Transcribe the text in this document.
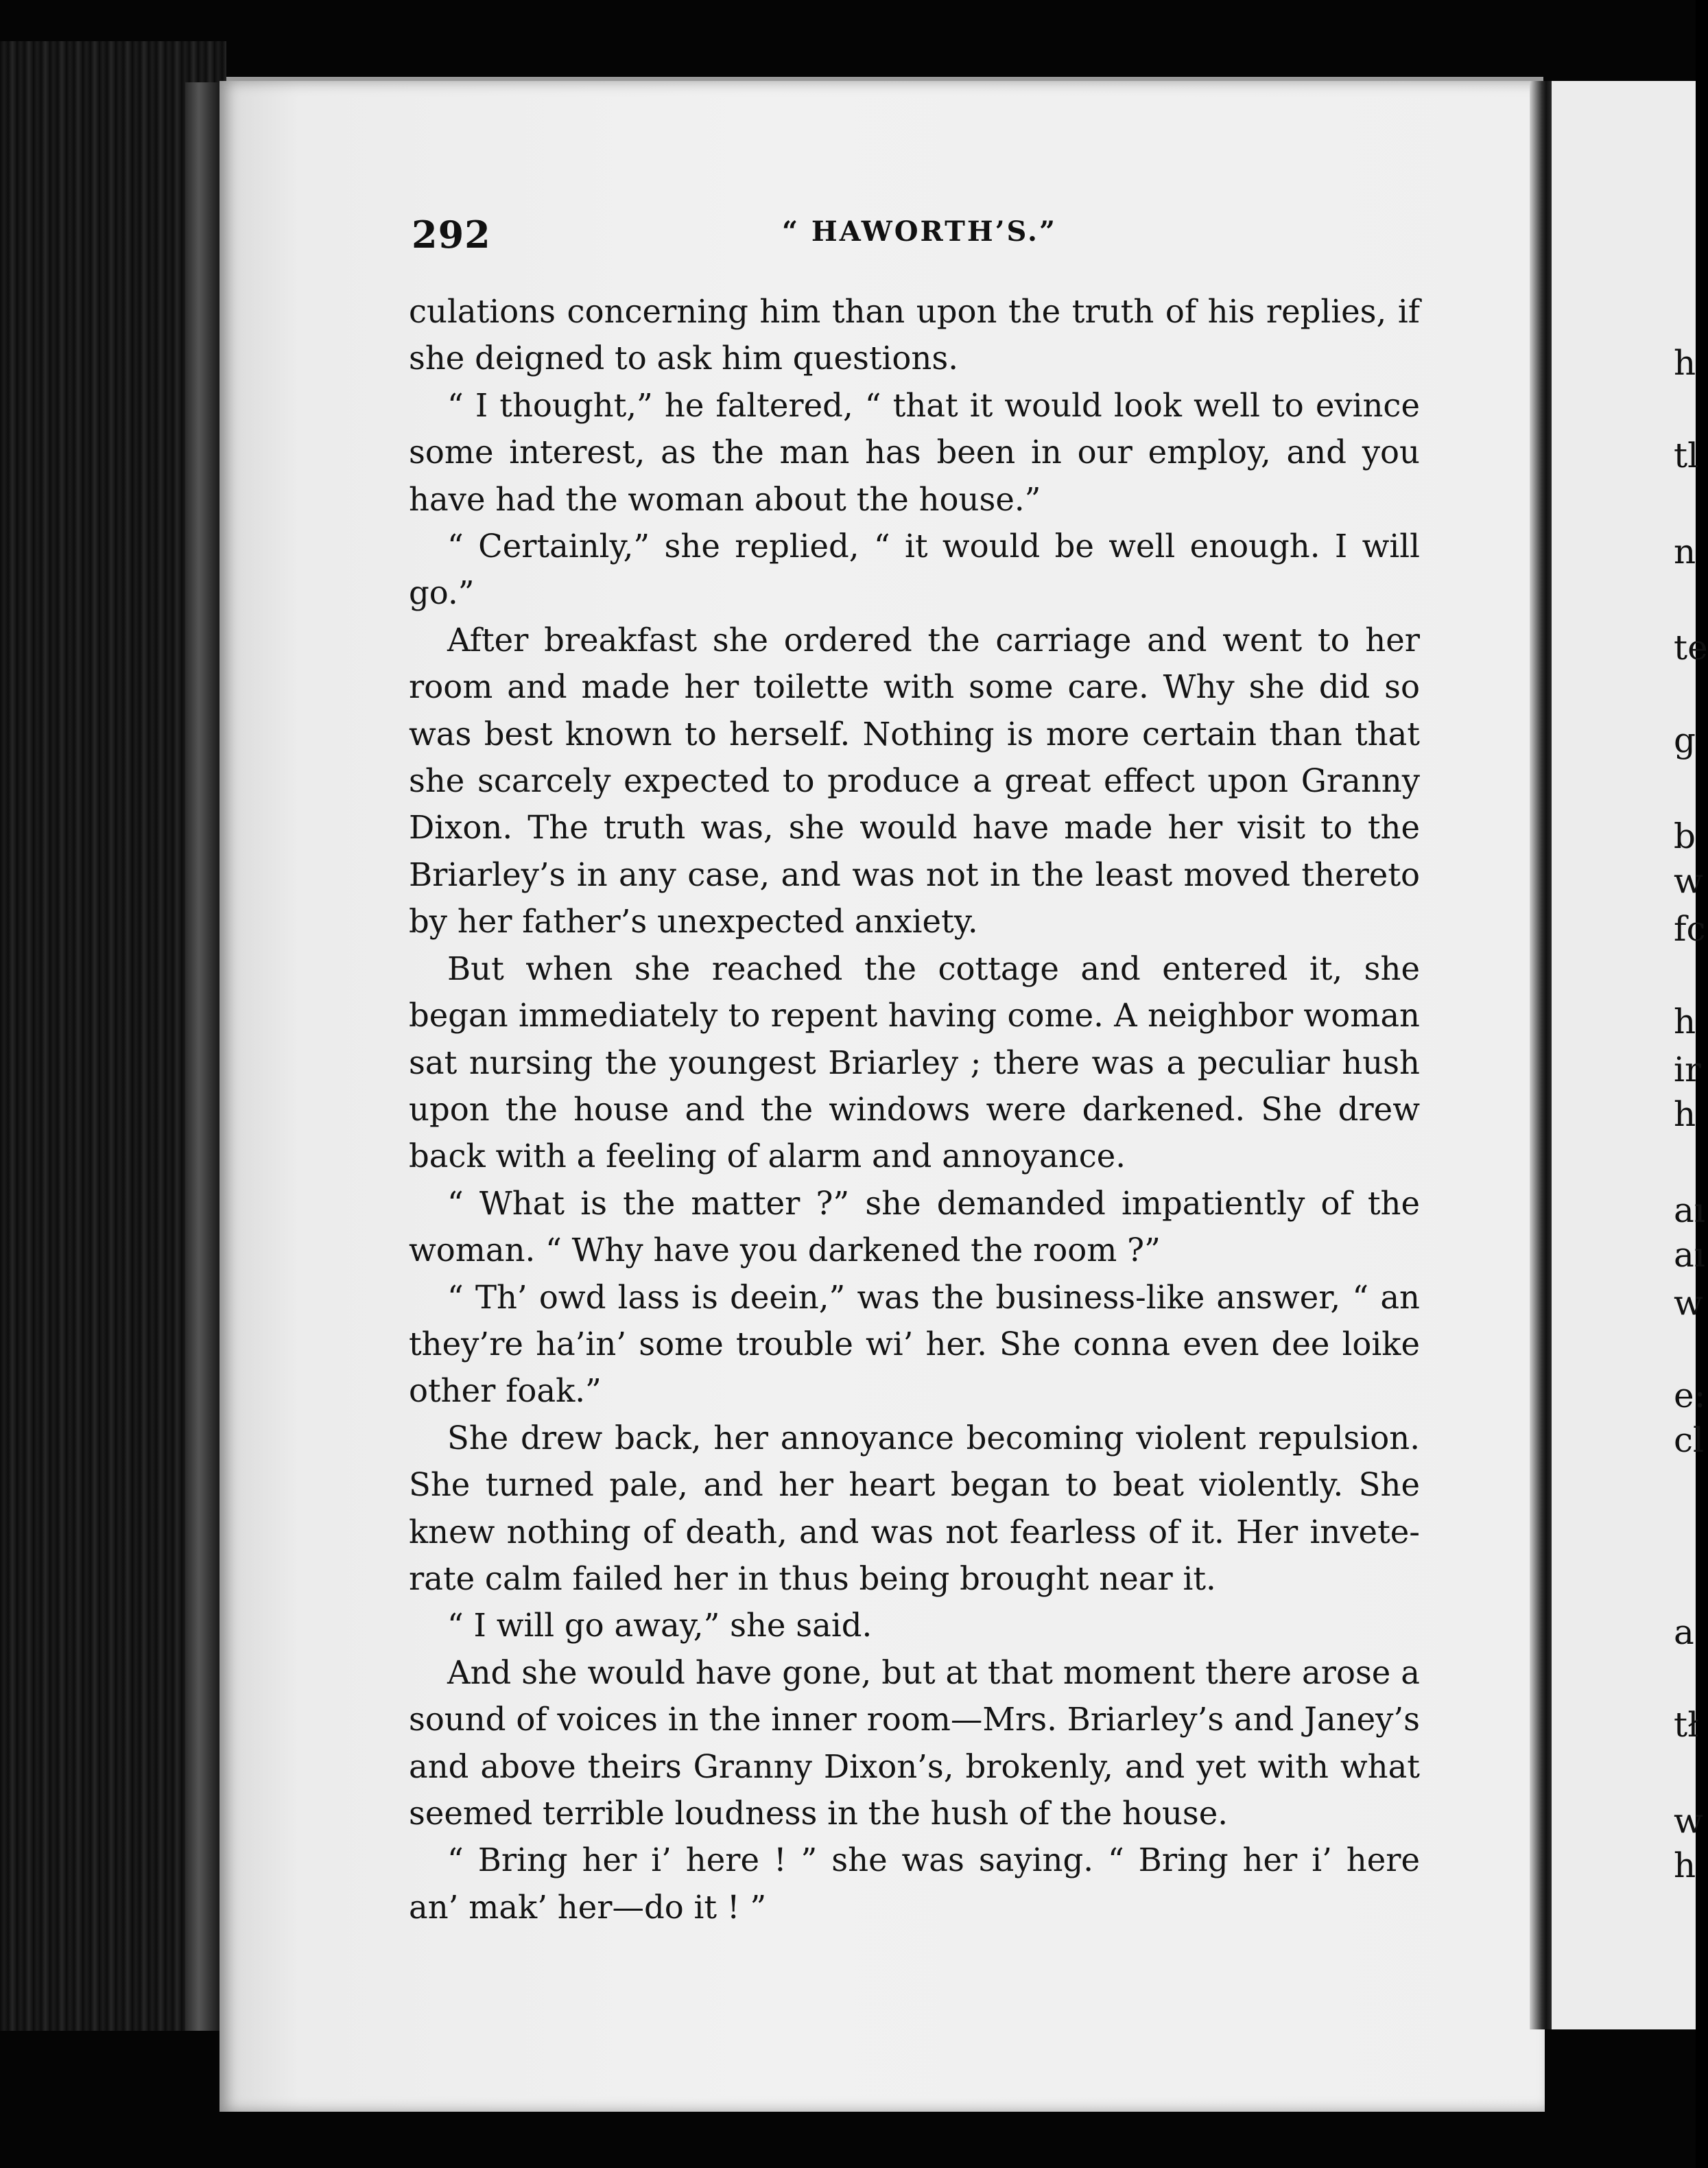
h
tl
n
te
g
b
w
fc
h
ir
h
aı
aı
w
e:
cl
a
tł
w
h
292	“ HAWORTH’S.”

culations concerning him than upon the truth of his replies, if she deigned to ask him questions.

“ I thought,” he faltered, “ that it would look well to evince some interest, as the man has been in our employ, and you have had the woman about the house.”

“ Certainly,” she replied, “ it would be well enough. I will go.”

After breakfast she ordered the carriage and went to her room and made her toilette with some care. Why she did so was best known to herself. Nothing is more certain than that she scarcely expected to produce a great effect upon Granny Dixon. The truth was, she would have made her visit to the Briarley’s in any case, and was not in the least moved thereto by her father’s unexpected anxiety.

But when she reached the cottage and entered it, she began immediately to repent having come. A neighbor woman sat nursing the youngest Briarley ; there was a peculiar hush upon the house and the windows were darkened. She drew back with a feeling of alarm and annoyance.

“ What is the matter ?” she demanded impatiently of the woman. “ Why have you darkened the room ?”

“ Th’ owd lass is deein,” was the business-like answer, “ an they’re ha’in’ some trouble wi’ her. She conna even dee loike other foak.”

She drew back, her annoyance becoming violent repulsion. She turned pale, and her heart began to beat violently. She knew nothing of death, and was not fearless of it. Her invete-rate calm failed her in thus being brought near it.

“ I will go away,” she said.

And she would have gone, but at that moment there arose a sound of voices in the inner room—Mrs. Briarley’s and Janey’s and above theirs Granny Dixon’s, brokenly, and yet with what seemed terrible loudness in the hush of the house.

“ Bring her i’ here ! ” she was saying. “ Bring her i’ here an’ mak’ her—do it ! ”
